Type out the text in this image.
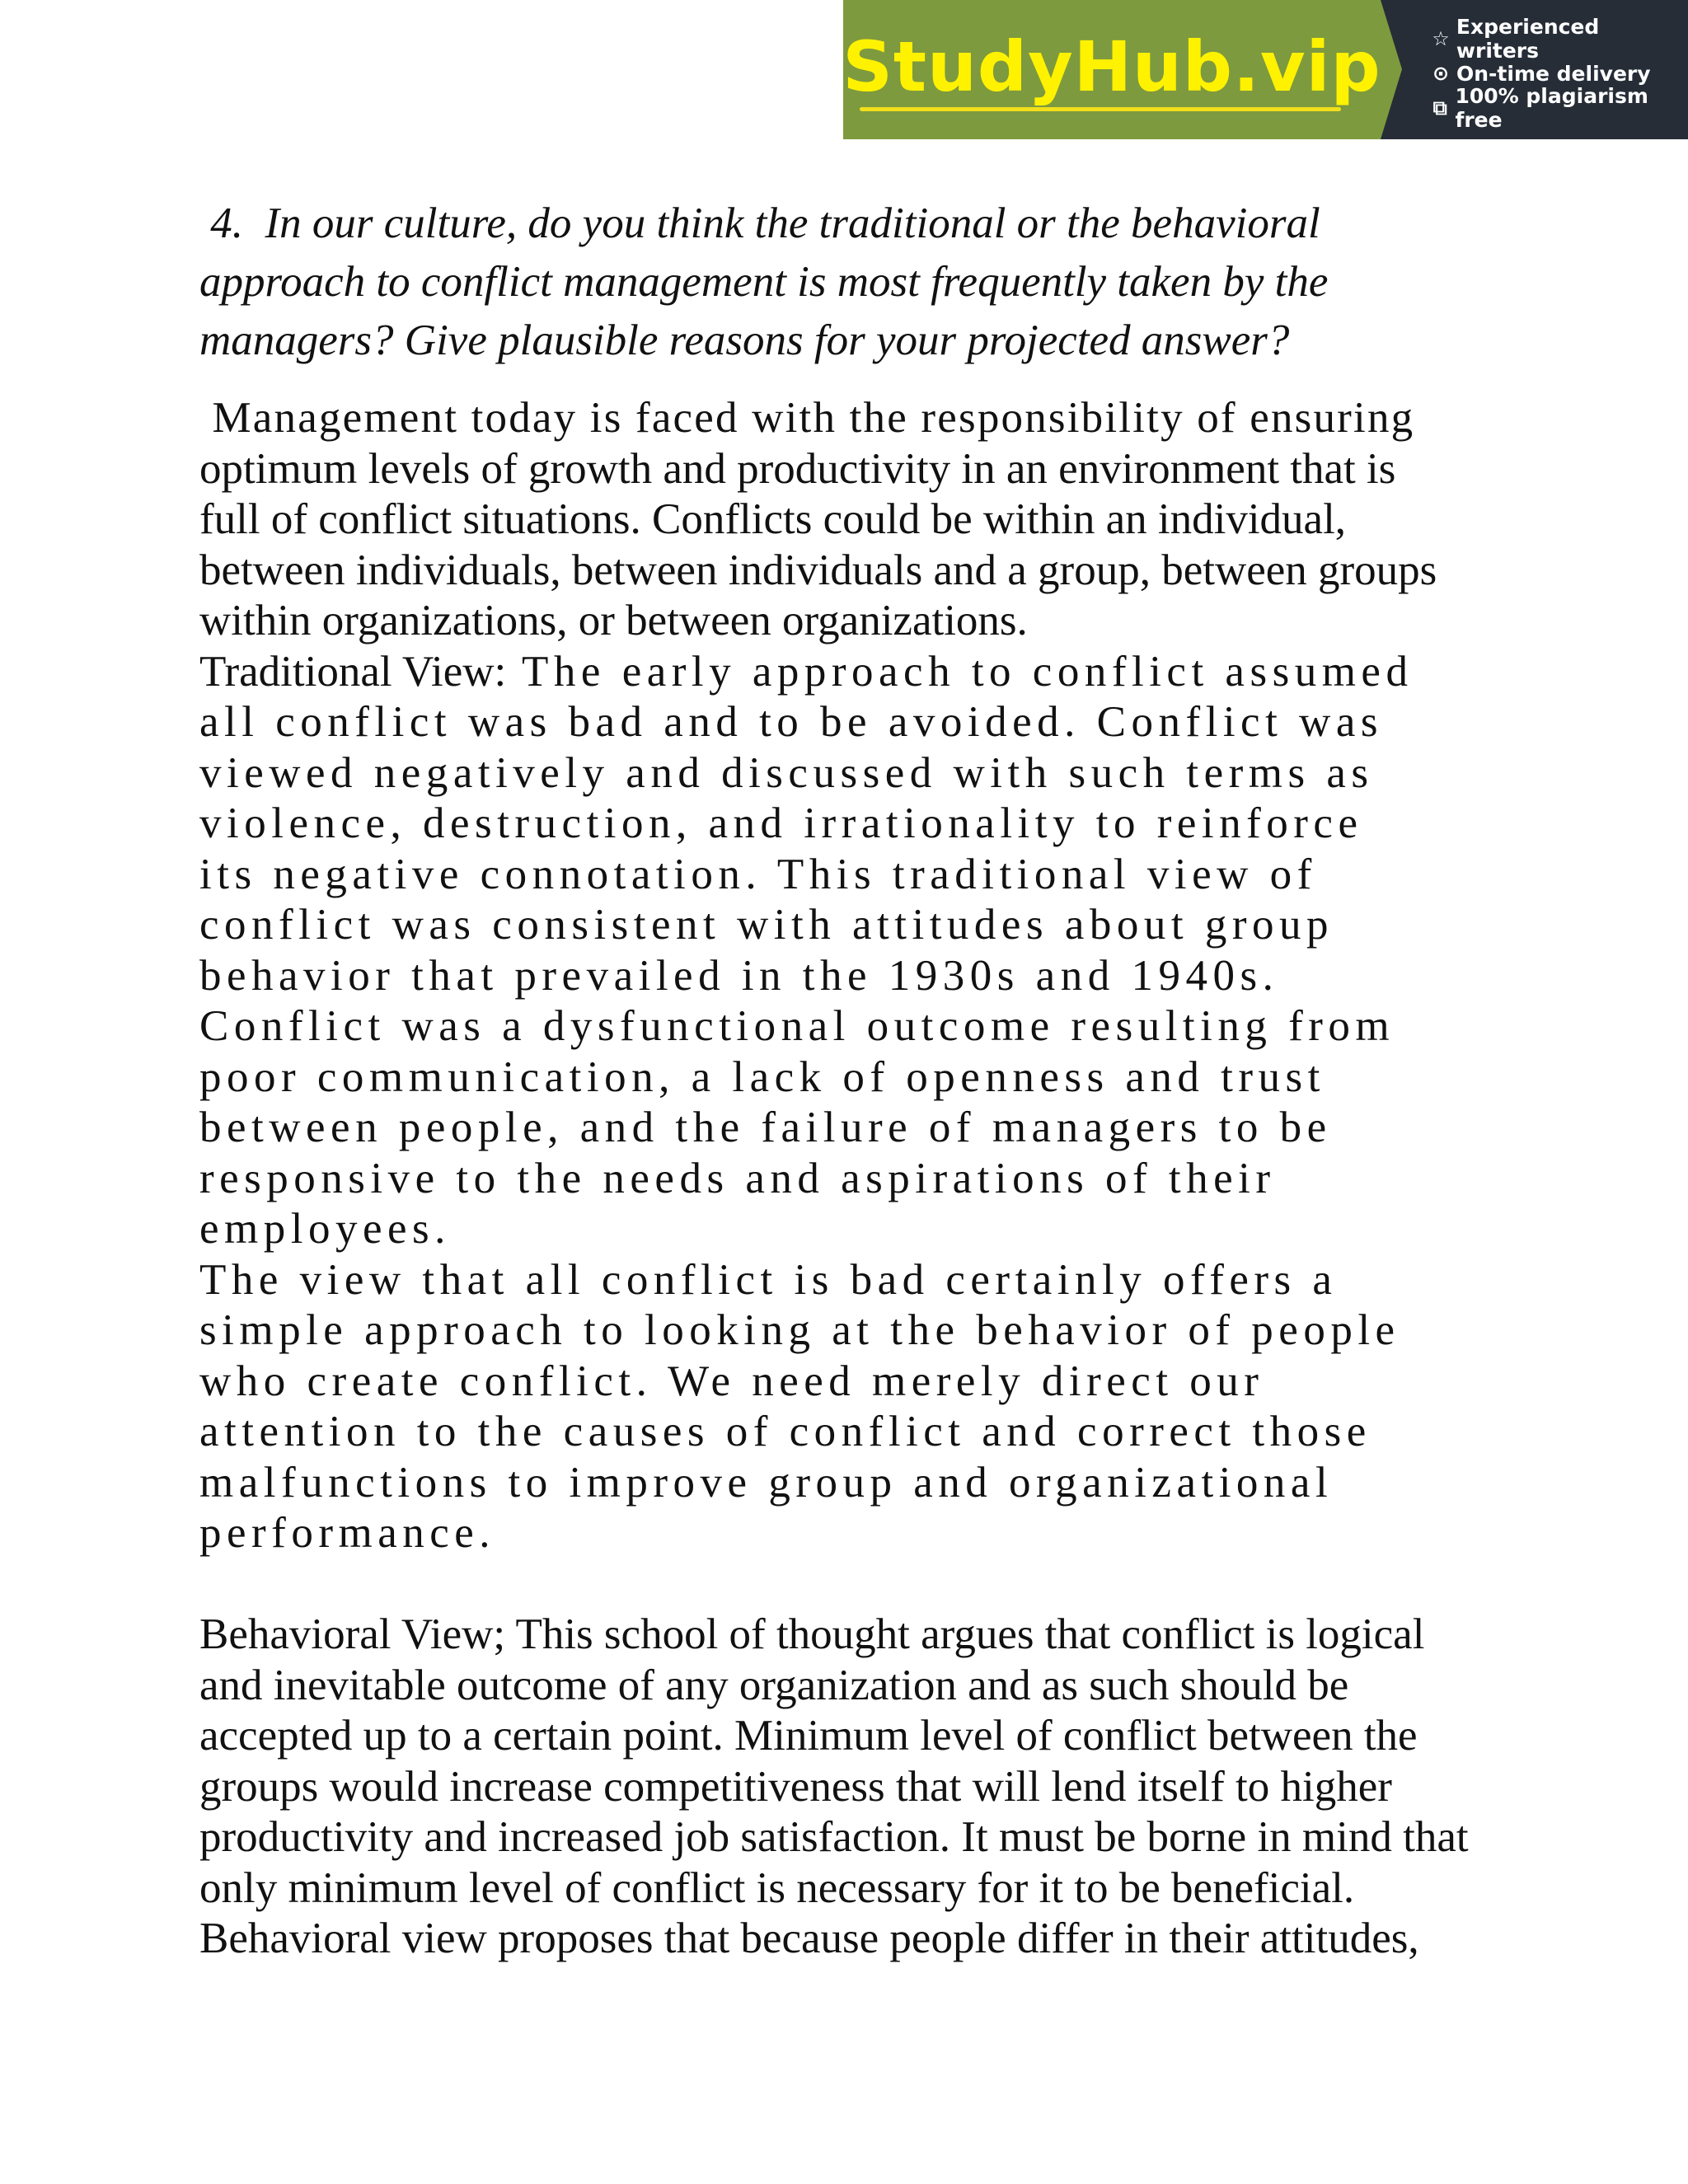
StudyHub.vip	☆ Experienced writers
⊙ On-time delivery
⧉ 100% plagiarism free

4.  In our culture, do you think the traditional or the behavioral

approach to conflict management is most frequently taken by the

managers? Give plausible reasons for your projected answer?

Management today is faced with the responsibility of ensuring

optimum levels of growth and productivity in an environment that is

full of conflict situations. Conflicts could be within an individual,

between individuals, between individuals and a group, between groups

within organizations, or between organizations.

Traditional View: The early approach to conflict assumed

all conflict was bad and to be avoided. Conflict was

viewed negatively and discussed with such terms as

violence, destruction, and irrationality to reinforce

its negative connotation. This traditional view of

conflict was consistent with attitudes about group

behavior that prevailed in the 1930s and 1940s.

Conflict was a dysfunctional outcome resulting from

poor communication, a lack of openness and trust

between people, and the failure of managers to be

responsive to the needs and aspirations of their

employees.

The view that all conflict is bad certainly offers a

simple approach to looking at the behavior of people

who create conflict. We need merely direct our

attention to the causes of conflict and correct those

malfunctions to improve group and organizational

performance.

Behavioral View; This school of thought argues that conflict is logical

and inevitable outcome of any organization and as such should be

accepted up to a certain point. Minimum level of conflict between the

groups would increase competitiveness that will lend itself to higher

productivity and increased job satisfaction. It must be borne in mind that

only minimum level of conflict is necessary for it to be beneficial.

Behavioral view proposes that because people differ in their attitudes,
